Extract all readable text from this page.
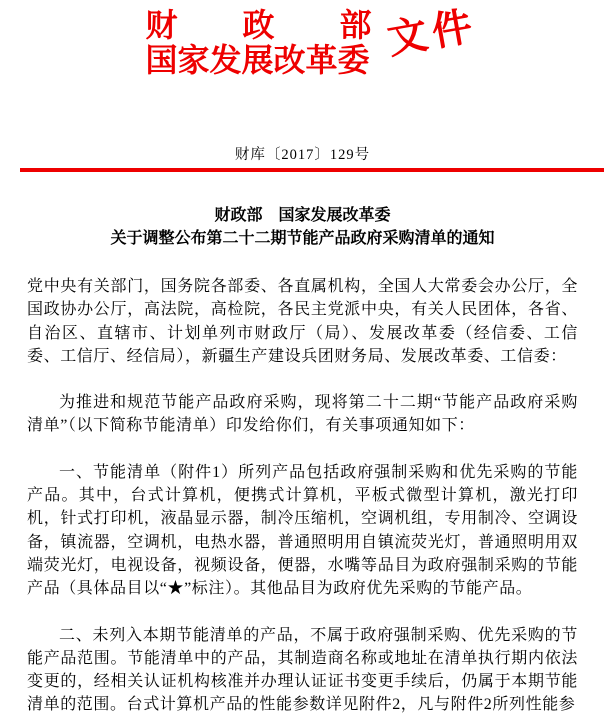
财 政 部
国家发展改革委 文件
财库〔2017〕129号
财政部　国家发展改革委
关于调整公布第二十二期节能产品政府采购清单的通知

党中央有关部门，国务院各部委、各直属机构，全国人大常委会办公厅，全国政协办公厅，高法院，高检院，各民主党派中央，有关人民团体，各省、自治区、直辖市、计划单列市财政厅（局）、发展改革委（经信委、工信委、工信厅、经信局），新疆生产建设兵团财务局、发展改革委、工信委：

为推进和规范节能产品政府采购，现将第二十二期“节能产品政府采购清单”（以下简称节能清单）印发给你们，有关事项通知如下：

一、节能清单（附件1）所列产品包括政府强制采购和优先采购的节能产品。其中，台式计算机，便携式计算机，平板式微型计算机，激光打印机，针式打印机，液晶显示器，制冷压缩机，空调机组，专用制冷、空调设备，镇流器，空调机，电热水器，普通照明用自镇流荧光灯，普通照明用双端荧光灯，电视设备，视频设备，便器，水嘴等品目为政府强制采购的节能产品（具体品目以“★”标注）。其他品目为政府优先采购的节能产品。

二、未列入本期节能清单的产品，不属于政府强制采购、优先采购的节能产品范围。节能清单中的产品，其制造商名称或地址在清单执行期内依法变更的，经相关认证机构核准并办理认证证书变更手续后，仍属于本期节能清单的范围。台式计算机产品的性能参数详见附件2，凡与附件2所列性能参
